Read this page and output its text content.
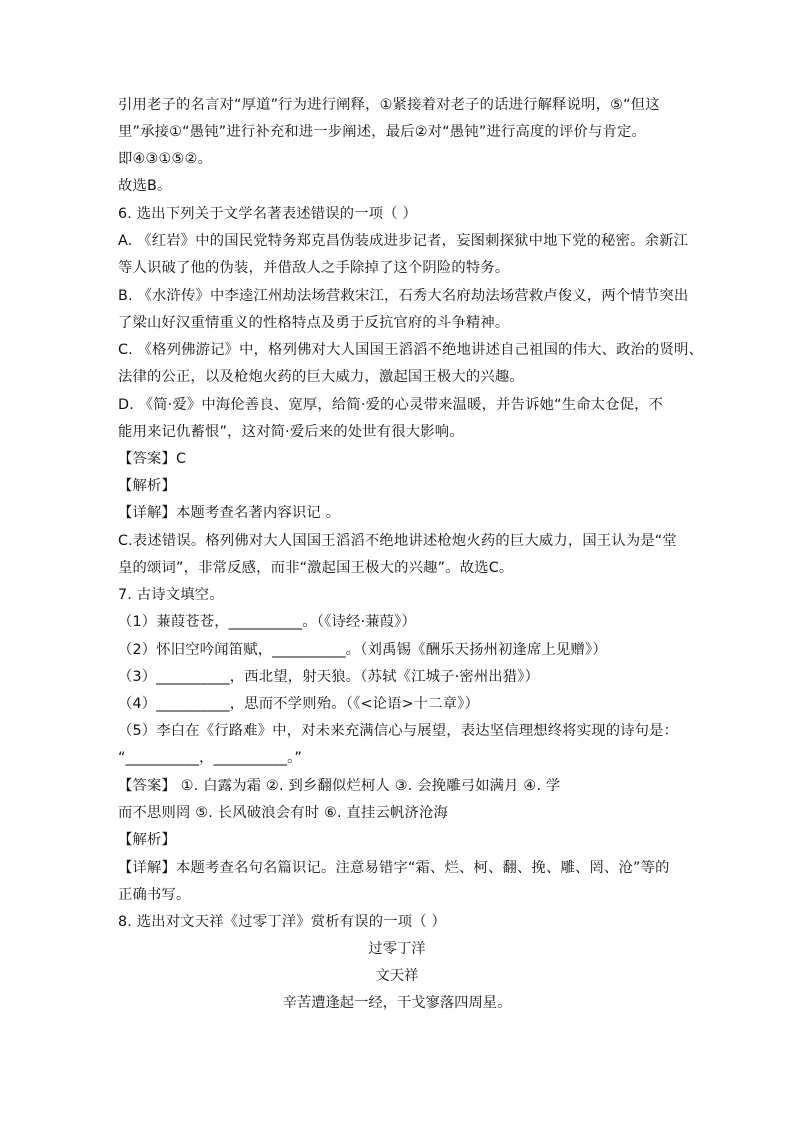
引用老子的名言对“厚道”行为进行阐释，①紧接着对老子的话进行解释说明，⑤“但这
里”承接①“愚钝”进行补充和进一步阐述，最后②对“愚钝”进行高度的评价与肯定。
即④③①⑤②。
故选B。
6. 选出下列关于文学名著表述错误的一项（ ）
A. 《红岩》中的国民党特务郑克昌伪装成进步记者，妄图刺探狱中地下党的秘密。余新江
等人识破了他的伪装，并借敌人之手除掉了这个阴险的特务。
B. 《水浒传》中李逵江州劫法场营救宋江，石秀大名府劫法场营救卢俊义，两个情节突出
了梁山好汉重情重义的性格特点及勇于反抗官府的斗争精神。
C. 《格列佛游记》中，格列佛对大人国国王滔滔不绝地讲述自己祖国的伟大、政治的贤明、
法律的公正，以及枪炮火药的巨大威力，激起国王极大的兴趣。
D. 《简·爱》中海伦善良、宽厚，给简·爱的心灵带来温暖，并告诉她“生命太仓促，不
能用来记仇蓄恨”，这对简·爱后来的处世有很大影响。
【答案】C
【解析】
【详解】本题考查名著内容识记 。
C.表述错误。格列佛对大人国国王滔滔不绝地讲述枪炮火药的巨大威力，国王认为是“堂
皇的颂词”，非常反感，而非“激起国王极大的兴趣”。故选C。
7. 古诗文填空。
（1）蒹葭苍苍，__________。（《诗经·蒹葭》）
（2）怀旧空吟闻笛赋，__________。（刘禹锡《酬乐天扬州初逢席上见赠》）
（3）__________，西北望，射天狼。（苏轼《江城子·密州出猎》）
（4）__________，思而不学则殆。（《<论语>十二章》）
（5）李白在《行路难》中，对未来充满信心与展望，表达坚信理想终将实现的诗句是：
“__________，__________。”
【答案】 ①. 白露为霜 ②. 到乡翻似烂柯人 ③. 会挽雕弓如满月 ④. 学
而不思则罔 ⑤. 长风破浪会有时 ⑥. 直挂云帆济沧海
【解析】
【详解】本题考查名句名篇识记。注意易错字“霜、烂、柯、翻、挽、雕、罔、沧”等的
正确书写。
8. 选出对文天祥《过零丁洋》赏析有误的一项（ ）
过零丁洋
文天祥
辛苦遭逢起一经，干戈寥落四周星。
